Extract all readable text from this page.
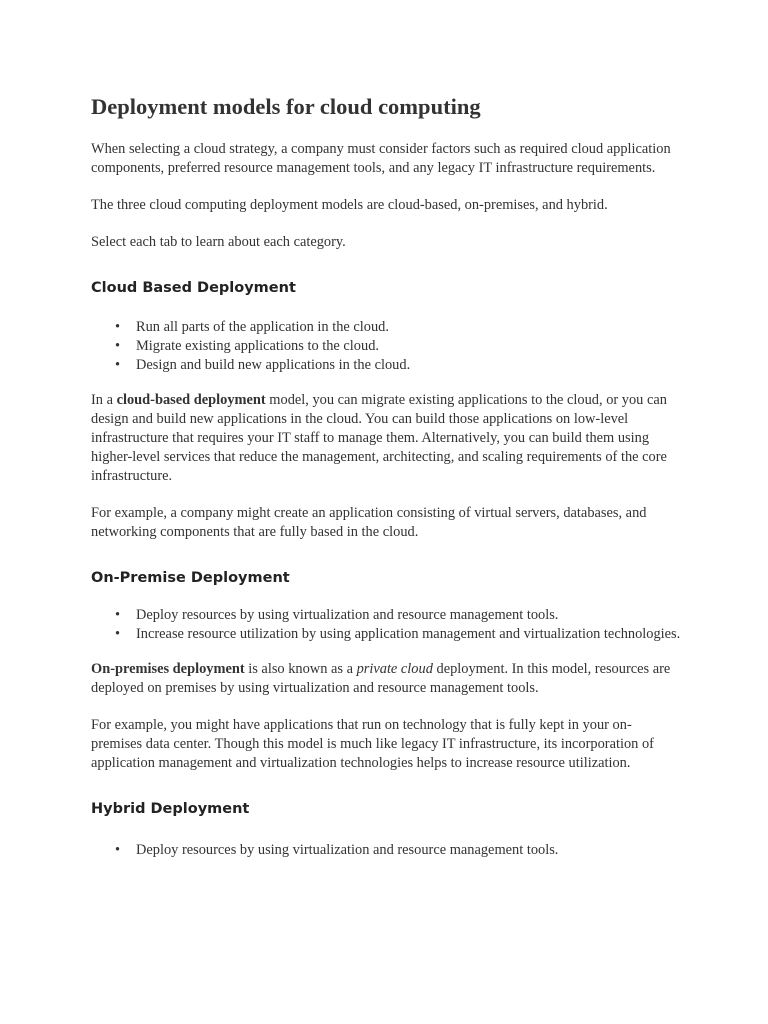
Deployment models for cloud computing

When selecting a cloud strategy, a company must consider factors such as required cloud application components, preferred resource management tools, and any legacy IT infrastructure requirements.

The three cloud computing deployment models are cloud-based, on-premises, and hybrid.

Select each tab to learn about each category.

Cloud Based Deployment
• Run all parts of the application in the cloud.
• Migrate existing applications to the cloud.
• Design and build new applications in the cloud.

In a cloud-based deployment model, you can migrate existing applications to the cloud, or you can design and build new applications in the cloud. You can build those applications on low-level infrastructure that requires your IT staff to manage them. Alternatively, you can build them using higher-level services that reduce the management, architecting, and scaling requirements of the core infrastructure.

For example, a company might create an application consisting of virtual servers, databases, and networking components that are fully based in the cloud.

On-Premise Deployment
• Deploy resources by using virtualization and resource management tools.
• Increase resource utilization by using application management and virtualization technologies.

On-premises deployment is also known as a private cloud deployment. In this model, resources are deployed on premises by using virtualization and resource management tools.

For example, you might have applications that run on technology that is fully kept in your on-premises data center. Though this model is much like legacy IT infrastructure, its incorporation of application management and virtualization technologies helps to increase resource utilization.

Hybrid Deployment
• Deploy resources by using virtualization and resource management tools.
